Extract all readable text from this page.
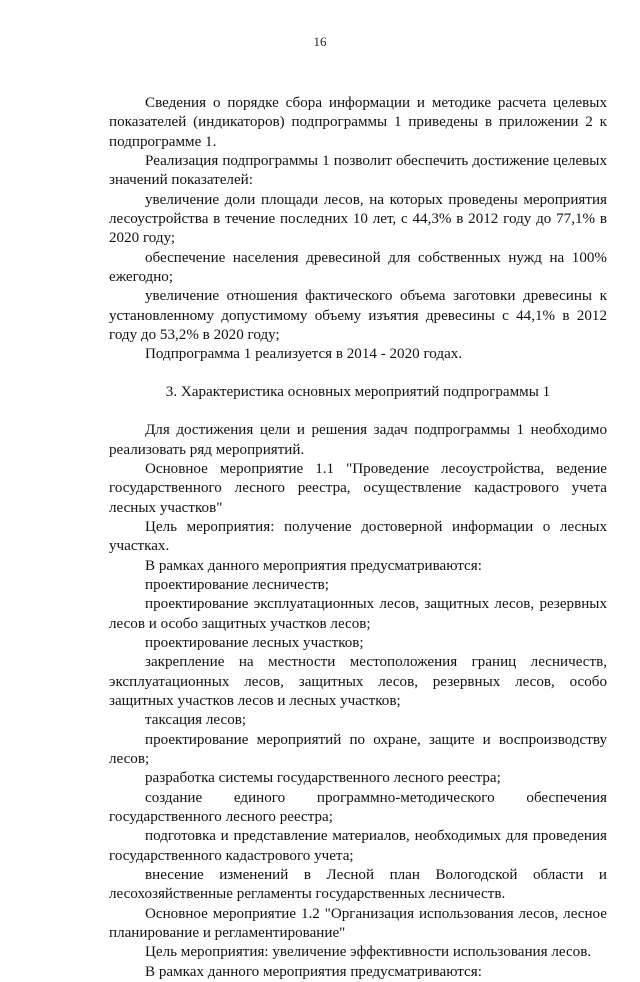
16

Сведения о порядке сбора информации и методике расчета целевых показателей (индикаторов) подпрограммы 1 приведены в приложении 2 к подпрограмме 1.

Реализация подпрограммы 1 позволит обеспечить достижение целевых значений показателей:

увеличение доли площади лесов, на которых проведены мероприятия лесоустройства в течение последних 10 лет, с 44,3% в 2012 году до 77,1% в 2020 году;

обеспечение населения древесиной для собственных нужд на 100% ежегодно;

увеличение отношения фактического объема заготовки древесины к установленному допустимому объему изъятия древесины с 44,1% в 2012 году до 53,2% в 2020 году;

Подпрограмма 1 реализуется в 2014 - 2020 годах.

3. Характеристика основных мероприятий подпрограммы 1

Для достижения цели и решения задач подпрограммы 1 необходимо реализовать ряд мероприятий.

Основное мероприятие 1.1 "Проведение лесоустройства, ведение государственного лесного реестра, осуществление кадастрового учета лесных участков"

Цель мероприятия: получение достоверной информации о лесных участках.

В рамках данного мероприятия предусматриваются:

проектирование лесничеств;

проектирование эксплуатационных лесов, защитных лесов, резервных лесов и особо защитных участков лесов;

проектирование лесных участков;

закрепление на местности местоположения границ лесничеств, эксплуатационных лесов, защитных лесов, резервных лесов, особо защитных участков лесов и лесных участков;

таксация лесов;

проектирование мероприятий по охране, защите и воспроизводству лесов;

разработка системы государственного лесного реестра;

создание единого программно-методического обеспечения государственного лесного реестра;

подготовка и представление материалов, необходимых для проведения государственного кадастрового учета;

внесение изменений в Лесной план Вологодской области и лесохозяйственные регламенты государственных лесничеств.

Основное мероприятие 1.2 "Организация использования лесов, лесное планирование и регламентирование"

Цель мероприятия: увеличение эффективности использования лесов.

В рамках данного мероприятия предусматриваются:
